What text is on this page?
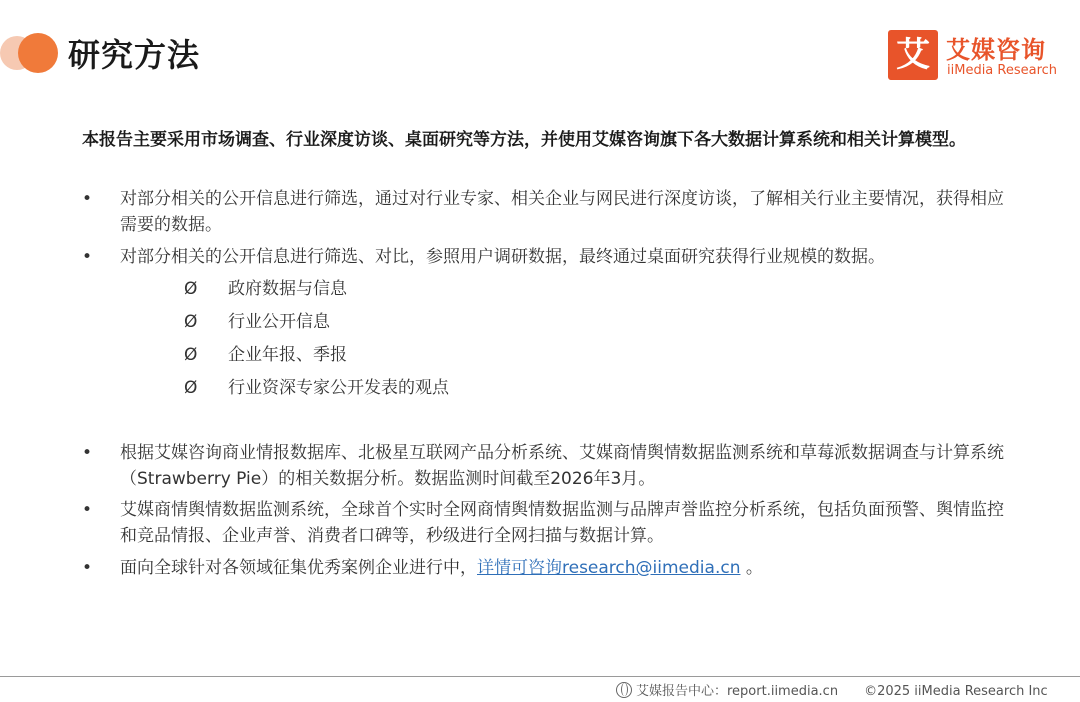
研究方法	艾 艾媒咨询
iiMedia Research
本报告主要采用市场调查、行业深度访谈、桌面研究等方法，并使用艾媒咨询旗下各大数据计算系统和相关计算模型。
• 对部分相关的公开信息进行筛选，通过对行业专家、相关企业与网民进行深度访谈，了解相关行业主要情况，获得相应需要的数据。
• 对部分相关的公开信息进行筛选、对比，参照用户调研数据，最终通过桌面研究获得行业规模的数据。
Ø 政府数据与信息
Ø 行业公开信息
Ø 企业年报、季报
Ø 行业资深专家公开发表的观点
• 根据艾媒咨询商业情报数据库、北极星互联网产品分析系统、艾媒商情舆情数据监测系统和草莓派数据调查与计算系统（Strawberry Pie）的相关数据分析。数据监测时间截至2026年3月。
• 艾媒商情舆情数据监测系统，全球首个实时全网商情舆情数据监测与品牌声誉监控分析系统，包括负面预警、舆情监控和竞品情报、企业声誉、消费者口碑等，秒级进行全网扫描与数据计算。
• 面向全球针对各领域征集优秀案例企业进行中，详情可咨询research@iimedia.cn 。
艾媒报告中心：report.iimedia.cn ©2025 iiMedia Research Inc
